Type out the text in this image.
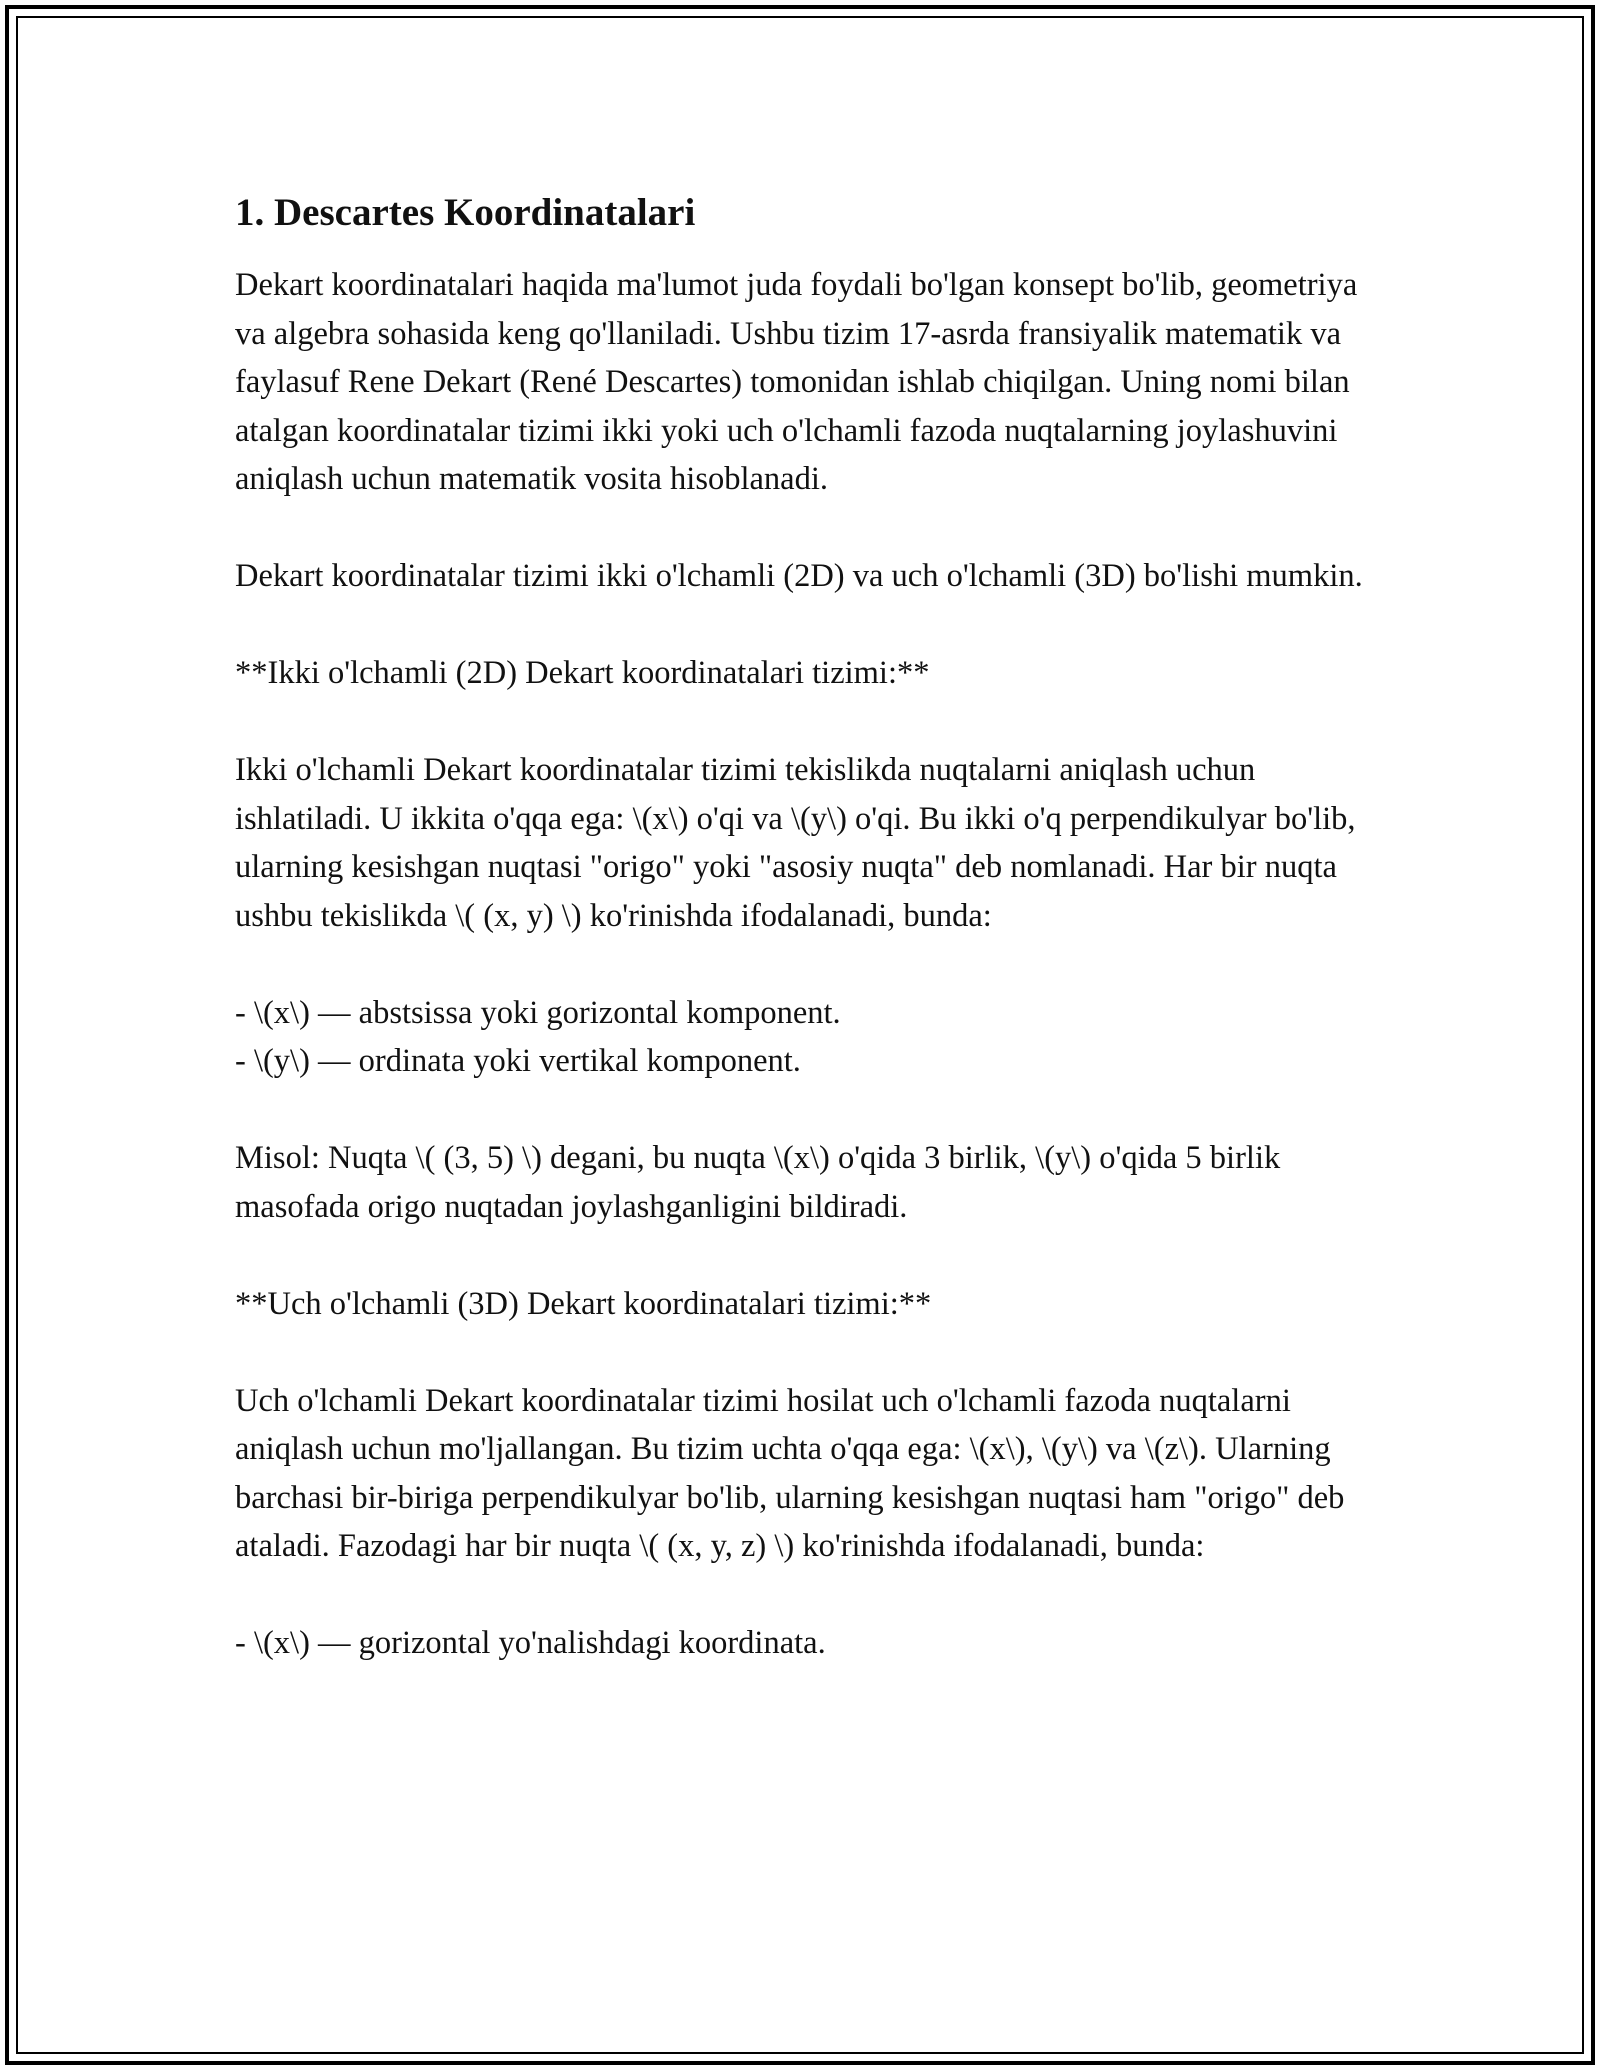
1. Descartes Koordinatalari

Dekart koordinatalari haqida ma'lumot juda foydali bo'lgan konsept bo'lib, geometriya va algebra sohasida keng qo'llaniladi. Ushbu tizim 17-asrda fransiyalik matematik va faylasuf Rene Dekart (René Descartes) tomonidan ishlab chiqilgan. Uning nomi bilan atalgan koordinatalar tizimi ikki yoki uch o'lchamli fazoda nuqtalarning joylashuvini aniqlash uchun matematik vosita hisoblanadi.

Dekart koordinatalar tizimi ikki o'lchamli (2D) va uch o'lchamli (3D) bo'lishi mumkin.

**Ikki o'lchamli (2D) Dekart koordinatalari tizimi:**

Ikki o'lchamli Dekart koordinatalar tizimi tekislikda nuqtalarni aniqlash uchun ishlatiladi. U ikkita o'qqa ega: \(x\) o'qi va \(y\) o'qi. Bu ikki o'q perpendikulyar bo'lib, ularning kesishgan nuqtasi "origo" yoki "asosiy nuqta" deb nomlanadi. Har bir nuqta ushbu tekislikda \( (x, y) \) ko'rinishda ifodalanadi, bunda:

- \(x\) — abstsissa yoki gorizontal komponent.
- \(y\) — ordinata yoki vertikal komponent.

Misol: Nuqta \( (3, 5) \) degani, bu nuqta \(x\) o'qida 3 birlik, \(y\) o'qida 5 birlik masofada origo nuqtadan joylashganligini bildiradi.

**Uch o'lchamli (3D) Dekart koordinatalari tizimi:**

Uch o'lchamli Dekart koordinatalar tizimi hosilat uch o'lchamli fazoda nuqtalarni aniqlash uchun mo'ljallangan. Bu tizim uchta o'qqa ega: \(x\), \(y\) va \(z\). Ularning barchasi bir-biriga perpendikulyar bo'lib, ularning kesishgan nuqtasi ham "origo" deb ataladi. Fazodagi har bir nuqta \( (x, y, z) \) ko'rinishda ifodalanadi, bunda:

- \(x\) — gorizontal yo'nalishdagi koordinata.
